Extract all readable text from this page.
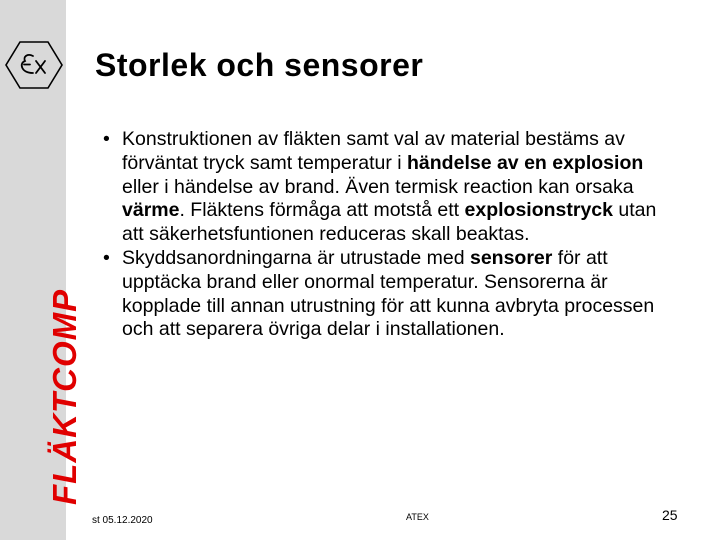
FLÄKTCOMP
Storlek och sensorer
• Konstruktionen av fläkten samt val av material bestäms av förväntat tryck samt temperatur i händelse av en explosion eller i händelse av brand. Även termisk reaction kan orsaka värme. Fläktens förmåga att motstå ett explosionstryck utan att säkerhetsfuntionen reduceras skall beaktas.
• Skyddsanordningarna är utrustade med sensorer för att upptäcka brand eller onormal temperatur. Sensorerna är kopplade till annan utrustning för att kunna avbryta processen och att separera övriga delar i installationen.
st 05.12.2020	ATEX	25
